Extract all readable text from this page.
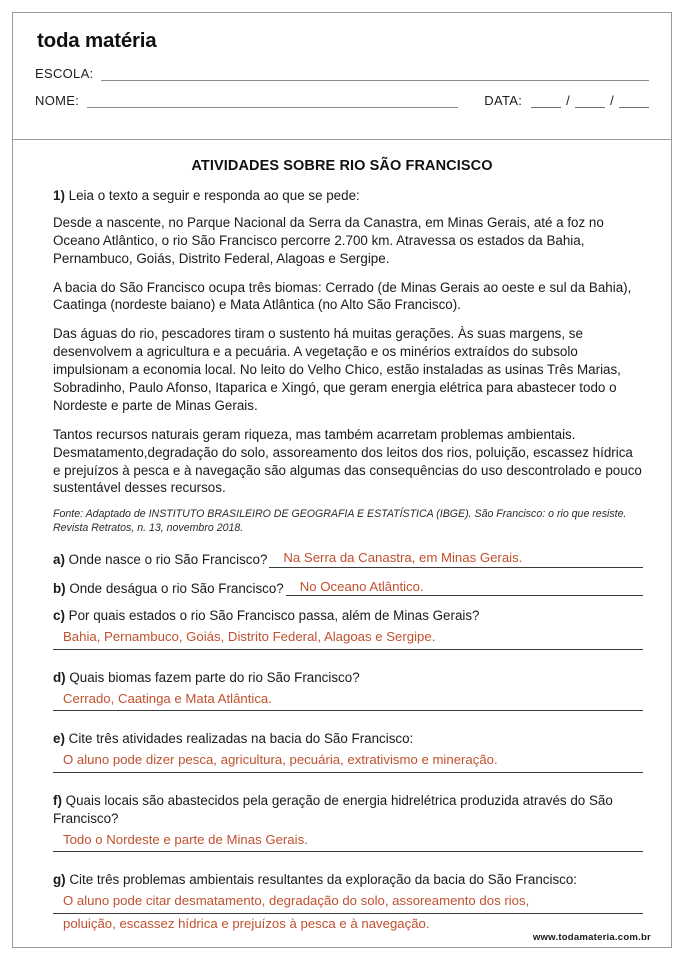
toda matéria
ESCOLA:
NOME:	DATA:	/	/
ATIVIDADES SOBRE RIO SÃO FRANCISCO

1) Leia o texto a seguir e responda ao que se pede:

Desde a nascente, no Parque Nacional da Serra da Canastra, em Minas Gerais, até a foz no Oceano Atlântico, o rio São Francisco percorre 2.700 km. Atravessa os estados da Bahia, Pernambuco, Goiás, Distrito Federal, Alagoas e Sergipe.

A bacia do São Francisco ocupa três biomas: Cerrado (de Minas Gerais ao oeste e sul da Bahia), Caatinga (nordeste baiano) e Mata Atlântica (no Alto São Francisco).

Das águas do rio, pescadores tiram o sustento há muitas gerações. Às suas margens, se desenvolvem a agricultura e a pecuária. A vegetação e os minérios extraídos do subsolo impulsionam a economia local. No leito do Velho Chico, estão instaladas as usinas Três Marias, Sobradinho, Paulo Afonso, Itaparica e Xingó, que geram energia elétrica para abastecer todo o Nordeste e parte de Minas Gerais.

Tantos recursos naturais geram riqueza, mas também acarretam problemas ambientais. Desmatamento,degradação do solo, assoreamento dos leitos dos rios, poluição, escassez hídrica e prejuízos à pesca e à navegação são algumas das consequências do uso descontrolado e pouco sustentável desses recursos.

Fonte: Adaptado de INSTITUTO BRASILEIRO DE GEOGRAFIA E ESTATÍSTICA (IBGE). São Francisco: o rio que resiste. Revista Retratos, n. 13, novembro 2018.

a) Onde nasce o rio São Francisco?	Na Serra da Canastra, em Minas Gerais.
b) Onde deságua o rio São Francisco?	No Oceano Atlântico.
c) Por quais estados o rio São Francisco passa, além de Minas Gerais?
Bahia, Pernambuco, Goiás, Distrito Federal, Alagoas e Sergipe.
d) Quais biomas fazem parte do rio São Francisco?
Cerrado, Caatinga e Mata Atlântica.
e) Cite três atividades realizadas na bacia do São Francisco:
O aluno pode dizer pesca, agricultura, pecuária, extrativismo e mineração.
f) Quais locais são abastecidos pela geração de energia hidrelétrica produzida através do São Francisco?
Todo o Nordeste e parte de Minas Gerais.
g) Cite três problemas ambientais resultantes da exploração da bacia do São Francisco:
O aluno pode citar desmatamento, degradação do solo, assoreamento dos rios,
poluição, escassez hídrica e prejuízos à pesca e à navegação.
www.todamateria.com.br
